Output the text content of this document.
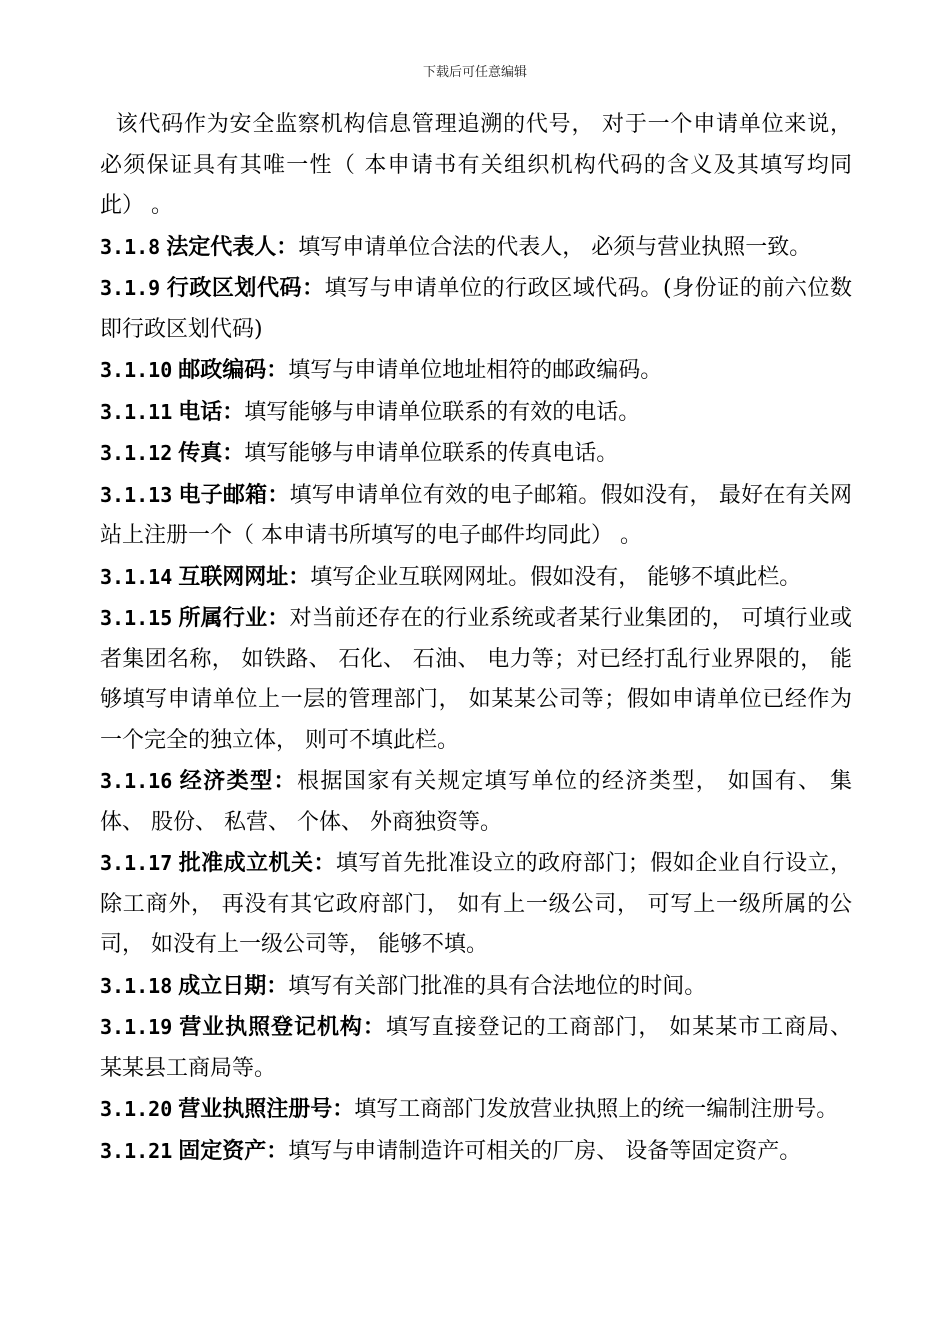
下载后可任意编辑

该代码作为安全监察机构信息管理追溯的代号， 对于一个申请单位来说， 必须保证具有其唯一性（ 本申请书有关组织机构代码的含义及其填写均同此） 。

3.1.8 法定代表人：填写申请单位合法的代表人， 必须与营业执照一致。

3.1.9 行政区划代码：填写与申请单位的行政区域代码。(身份证的前六位数即行政区划代码)

3.1.10 邮政编码：填写与申请单位地址相符的邮政编码。

3.1.11 电话：填写能够与申请单位联系的有效的电话。

3.1.12 传真：填写能够与申请单位联系的传真电话。

3.1.13 电子邮箱：填写申请单位有效的电子邮箱。假如没有， 最好在有关网站上注册一个（ 本申请书所填写的电子邮件均同此） 。

3.1.14 互联网网址：填写企业互联网网址。假如没有， 能够不填此栏。

3.1.15 所属行业：对当前还存在的行业系统或者某行业集团的， 可填行业或者集团名称， 如铁路、 石化、 石油、 电力等；对已经打乱行业界限的， 能够填写申请单位上一层的管理部门， 如某某公司等；假如申请单位已经作为一个完全的独立体， 则可不填此栏。

3.1.16 经济类型：根据国家有关规定填写单位的经济类型， 如国有、 集体、 股份、 私营、 个体、 外商独资等。

3.1.17 批准成立机关：填写首先批准设立的政府部门；假如企业自行设立， 除工商外， 再没有其它政府部门， 如有上一级公司， 可写上一级所属的公司， 如没有上一级公司等， 能够不填。

3.1.18 成立日期：填写有关部门批准的具有合法地位的时间。

3.1.19 营业执照登记机构：填写直接登记的工商部门， 如某某市工商局、 某某县工商局等。

3.1.20 营业执照注册号：填写工商部门发放营业执照上的统一编制注册号。

3.1.21 固定资产：填写与申请制造许可相关的厂房、 设备等固定资产。
